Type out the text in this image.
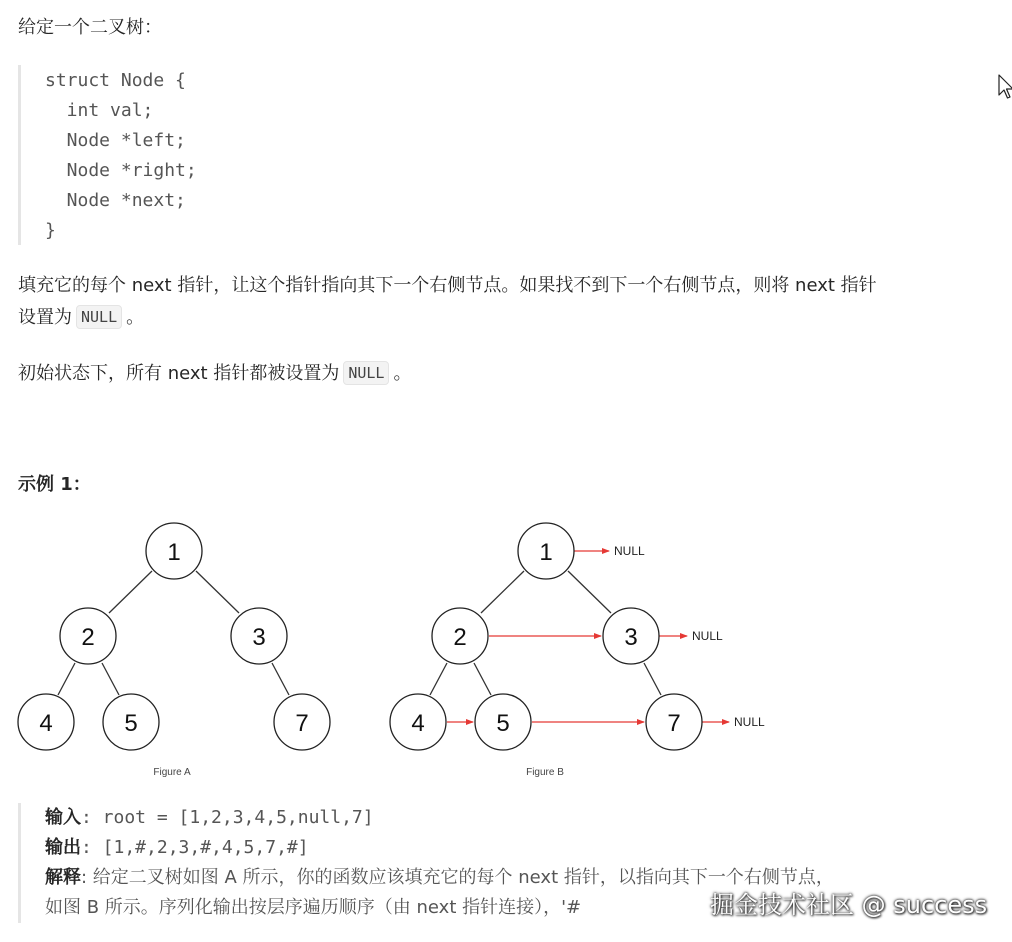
给定一个二叉树：
struct Node {
int val;
Node *left;
Node *right;
Node *next;
}
填充它的每个 next 指针，让这个指针指向其下一个右侧节点。如果找不到下一个右侧节点，则将 next 指针
设置为 NULL 。
初始状态下，所有 next 指针都被设置为 NULL 。
示例 1：
1
2	3
4	5	7
Figure A
1
2	3
4	5	7
NULL
NULL
NULL
Figure B
输入: root = [1,2,3,4,5,null,7]
输出: [1,#,2,3,#,4,5,7,#]
解释: 给定二叉树如图 A 所示，你的函数应该填充它的每个 next 指针，以指向其下一个右侧节点，
如图 B 所示。序列化输出按层序遍历顺序（由 next 指针连接），'#	掘金技术社区 @ success
